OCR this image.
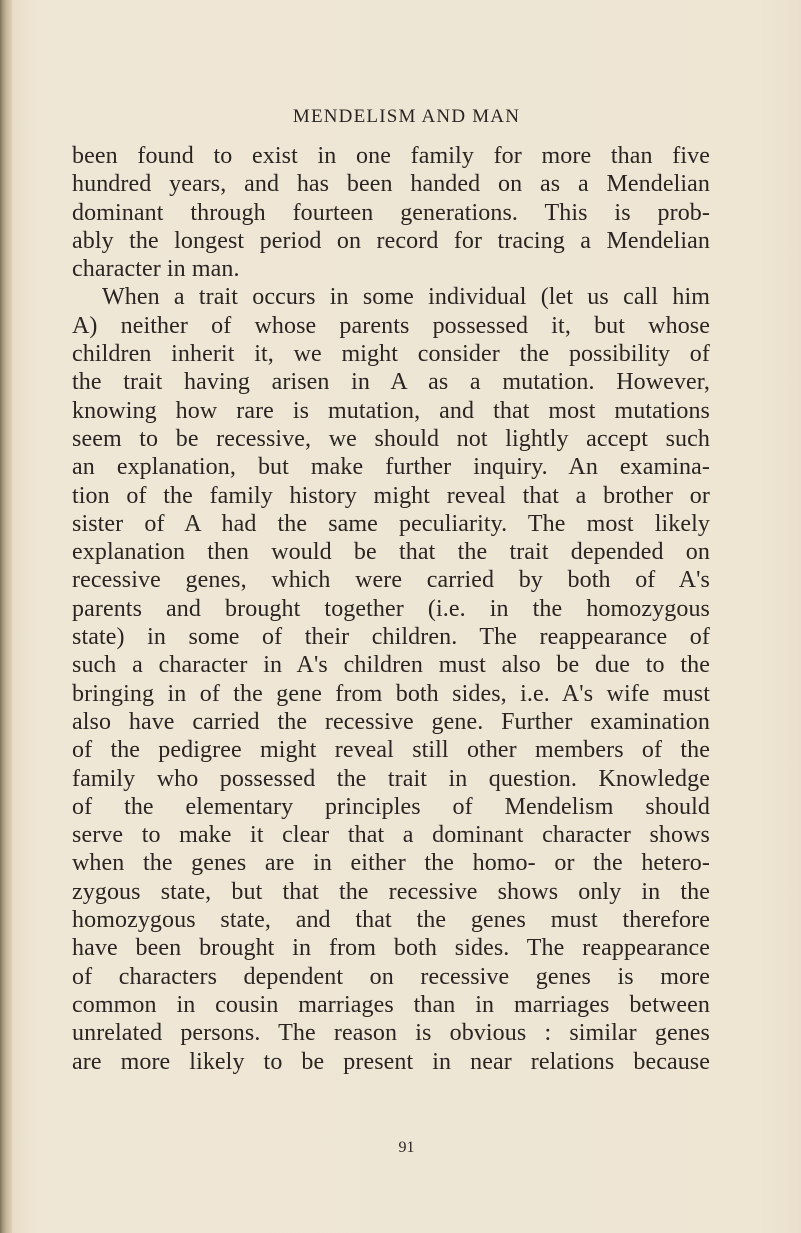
MENDELISM AND MAN
been found to exist in one family for more than five
hundred years, and has been handed on as a Mendelian
dominant through fourteen generations. This is prob-
ably the longest period on record for tracing a Mendelian
character in man.
When a trait occurs in some individual (let us call him
A) neither of whose parents possessed it, but whose
children inherit it, we might consider the possibility of
the trait having arisen in A as a mutation. However,
knowing how rare is mutation, and that most mutations
seem to be recessive, we should not lightly accept such
an explanation, but make further inquiry. An examina-
tion of the family history might reveal that a brother or
sister of A had the same peculiarity. The most likely
explanation then would be that the trait depended on
recessive genes, which were carried by both of A's
parents and brought together (i.e. in the homozygous
state) in some of their children. The reappearance of
such a character in A's children must also be due to the
bringing in of the gene from both sides, i.e. A's wife must
also have carried the recessive gene. Further examination
of the pedigree might reveal still other members of the
family who possessed the trait in question. Knowledge
of the elementary principles of Mendelism should
serve to make it clear that a dominant character shows
when the genes are in either the homo- or the hetero-
zygous state, but that the recessive shows only in the
homozygous state, and that the genes must therefore
have been brought in from both sides. The reappearance
of characters dependent on recessive genes is more
common in cousin marriages than in marriages between
unrelated persons. The reason is obvious : similar genes
are more likely to be present in near relations because
91
